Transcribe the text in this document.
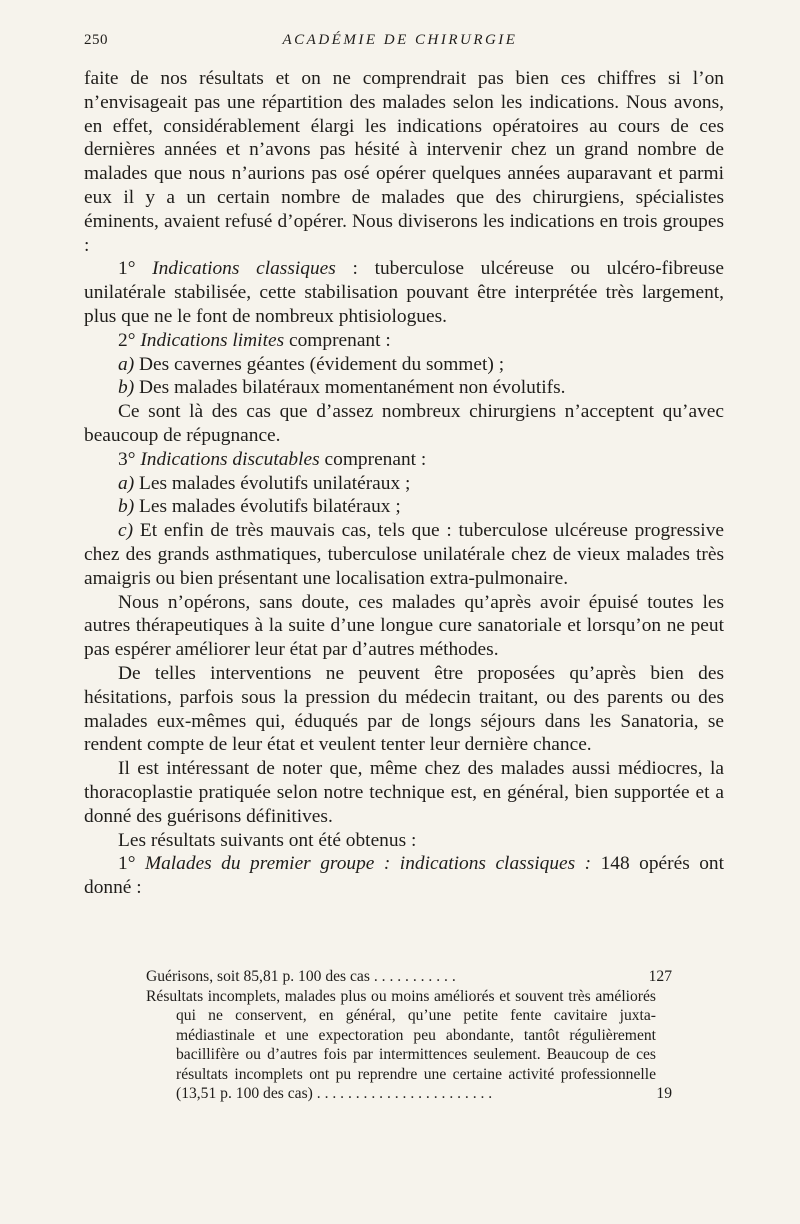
250	ACADÉMIE DE CHIRURGIE

faite de nos résultats et on ne comprendrait pas bien ces chiffres si l’on n’envisageait pas une répartition des malades selon les indications. Nous avons, en effet, considérablement élargi les indications opératoires au cours de ces dernières années et n’avons pas hésité à intervenir chez un grand nombre de malades que nous n’aurions pas osé opérer quelques années auparavant et parmi eux il y a un certain nombre de malades que des chirurgiens, spécialistes éminents, avaient refusé d’opérer. Nous diviserons les indications en trois groupes :

1° Indications classiques : tuberculose ulcéreuse ou ulcéro-fibreuse unilatérale stabilisée, cette stabilisation pouvant être interprétée très largement, plus que ne le font de nombreux phtisiologues.

2° Indications limites comprenant :

a) Des cavernes géantes (évidement du sommet) ;

b) Des malades bilatéraux momentanément non évolutifs.

Ce sont là des cas que d’assez nombreux chirurgiens n’acceptent qu’avec beaucoup de répugnance.

3° Indications discutables comprenant :

a) Les malades évolutifs unilatéraux ;

b) Les malades évolutifs bilatéraux ;

c) Et enfin de très mauvais cas, tels que : tuberculose ulcéreuse progressive chez des grands asthmatiques, tuberculose unilatérale chez de vieux malades très amaigris ou bien présentant une localisation extra-pulmonaire.

Nous n’opérons, sans doute, ces malades qu’après avoir épuisé toutes les autres thérapeutiques à la suite d’une longue cure sanatoriale et lorsqu’on ne peut pas espérer améliorer leur état par d’autres méthodes.

De telles interventions ne peuvent être proposées qu’après bien des hésitations, parfois sous la pression du médecin traitant, ou des parents ou des malades eux-mêmes qui, éduqués par de longs séjours dans les Sanatoria, se rendent compte de leur état et veulent tenter leur dernière chance.

Il est intéressant de noter que, même chez des malades aussi médiocres, la thoracoplastie pratiquée selon notre technique est, en général, bien supportée et a donné des guérisons définitives.

Les résultats suivants ont été obtenus :

1° Malades du premier groupe : indications classiques : 148 opérés ont donné :

Guérisons, soit 85,81 p. 100 des cas . . . . . . . . . . .	127
Résultats incomplets, malades plus ou moins améliorés et souvent très améliorés qui ne conservent, en général, qu’une petite fente cavitaire juxta-médiastinale et une expectoration peu abondante, tantôt régulièrement bacillifère ou d’autres fois par intermittences seulement. Beaucoup de ces résultats incomplets ont pu reprendre une certaine activité professionnelle (13,51 p. 100 des cas) . . . . . . . . . . . . . . . . . . . . . . .	19
